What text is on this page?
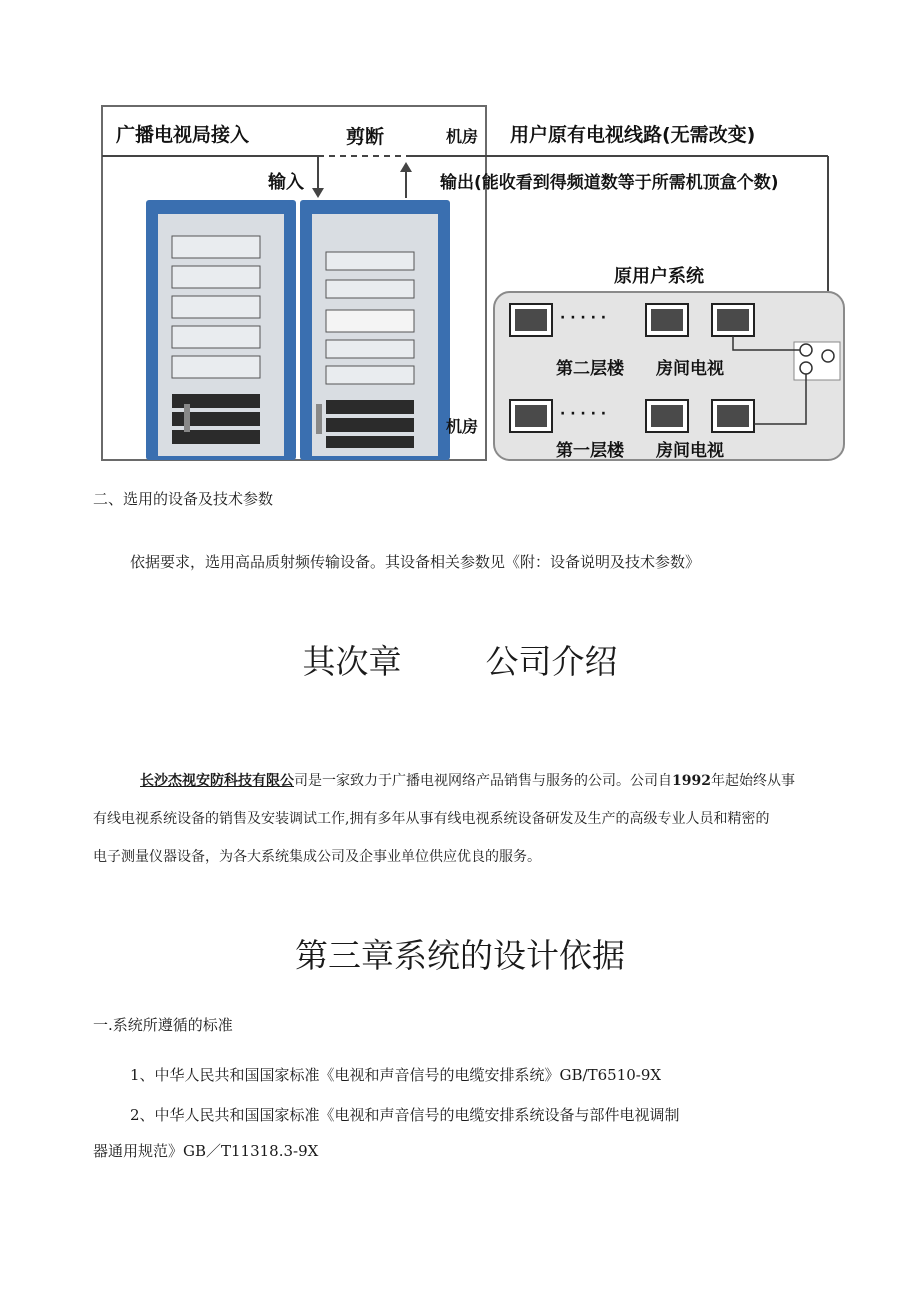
广播电视局接入	剪断	机房 用户原有电视线路(无需改变)
输入	输出(能收看到得频道数等于所需机顶盒个数)
原用户系统
· · · · ·
· · · · ·
第二层楼 房间电视
第一层楼 房间电视
机房
二、选用的设备及技术参数
依据要求，选用高品质射频传输设备。其设备相关参数见《附：设备说明及技术参数》
其次章	公司介绍
长沙杰视安防科技有限公司是一家致力于广播电视网络产品销售与服务的公司。公司自1992年起始终从事
有线电视系统设备的销售及安装调试工作,拥有多年从事有线电视系统设备研发及生产的高级专业人员和精密的
电子测量仪器设备，为各大系统集成公司及企事业单位供应优良的服务。
第三章系统的设计依据
一.系统所遵循的标准
1、中华人民共和国国家标准《电视和声音信号的电缆安排系统》GB/T6510-9X
2、中华人民共和国国家标准《电视和声音信号的电缆安排系统设备与部件电视调制
器通用规范》GB／T11318.3-9X
